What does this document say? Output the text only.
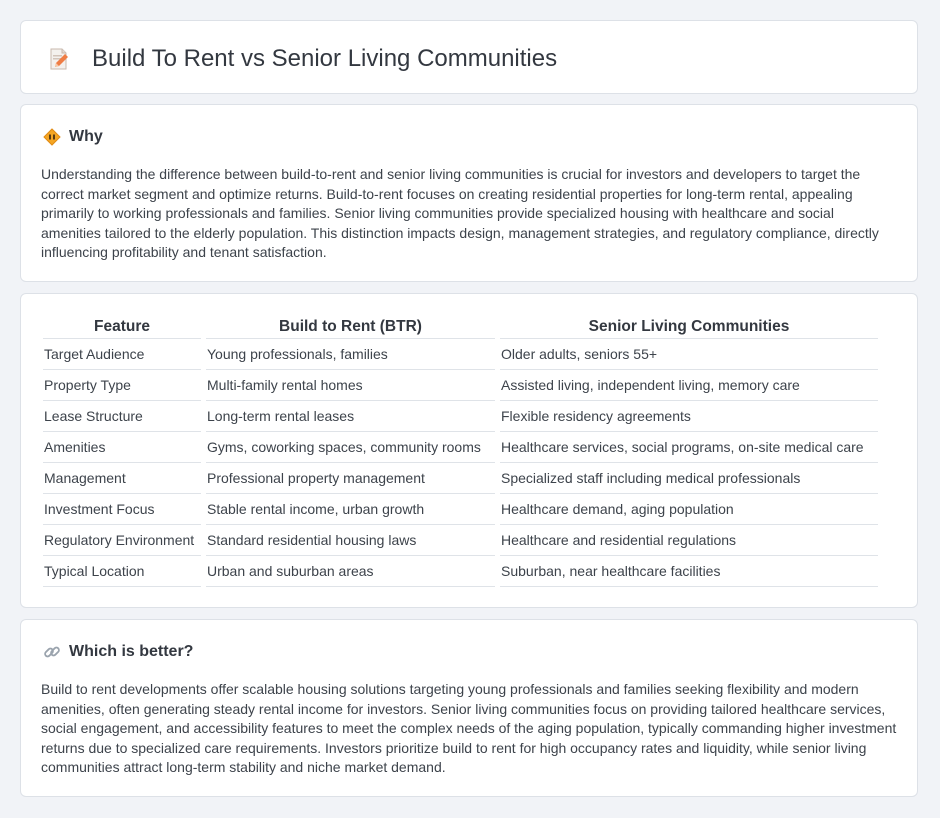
Build To Rent vs Senior Living Communities
Why

Understanding the difference between build-to-rent and senior living communities is crucial for investors and developers to target the correct market segment and optimize returns. Build-to-rent focuses on creating residential properties for long-term rental, appealing primarily to working professionals and families. Senior living communities provide specialized housing with healthcare and social amenities tailored to the elderly population. This distinction impacts design, management strategies, and regulatory compliance, directly influencing profitability and tenant satisfaction.

Feature	Build to Rent (BTR)	Senior Living Communities
Target Audience	Young professionals, families	Older adults, seniors 55+
Property Type	Multi-family rental homes	Assisted living, independent living, memory care
Lease Structure	Long-term rental leases	Flexible residency agreements
Amenities	Gyms, coworking spaces, community rooms	Healthcare services, social programs, on-site medical care
Management	Professional property management	Specialized staff including medical professionals
Investment Focus	Stable rental income, urban growth	Healthcare demand, aging population
Regulatory Environment	Standard residential housing laws	Healthcare and residential regulations
Typical Location	Urban and suburban areas	Suburban, near healthcare facilities
Which is better?

Build to rent developments offer scalable housing solutions targeting young professionals and families seeking flexibility and modern amenities, often generating steady rental income for investors. Senior living communities focus on providing tailored healthcare services, social engagement, and accessibility features to meet the complex needs of the aging population, typically commanding higher investment returns due to specialized care requirements. Investors prioritize build to rent for high occupancy rates and liquidity, while senior living communities attract long-term stability and niche market demand.
